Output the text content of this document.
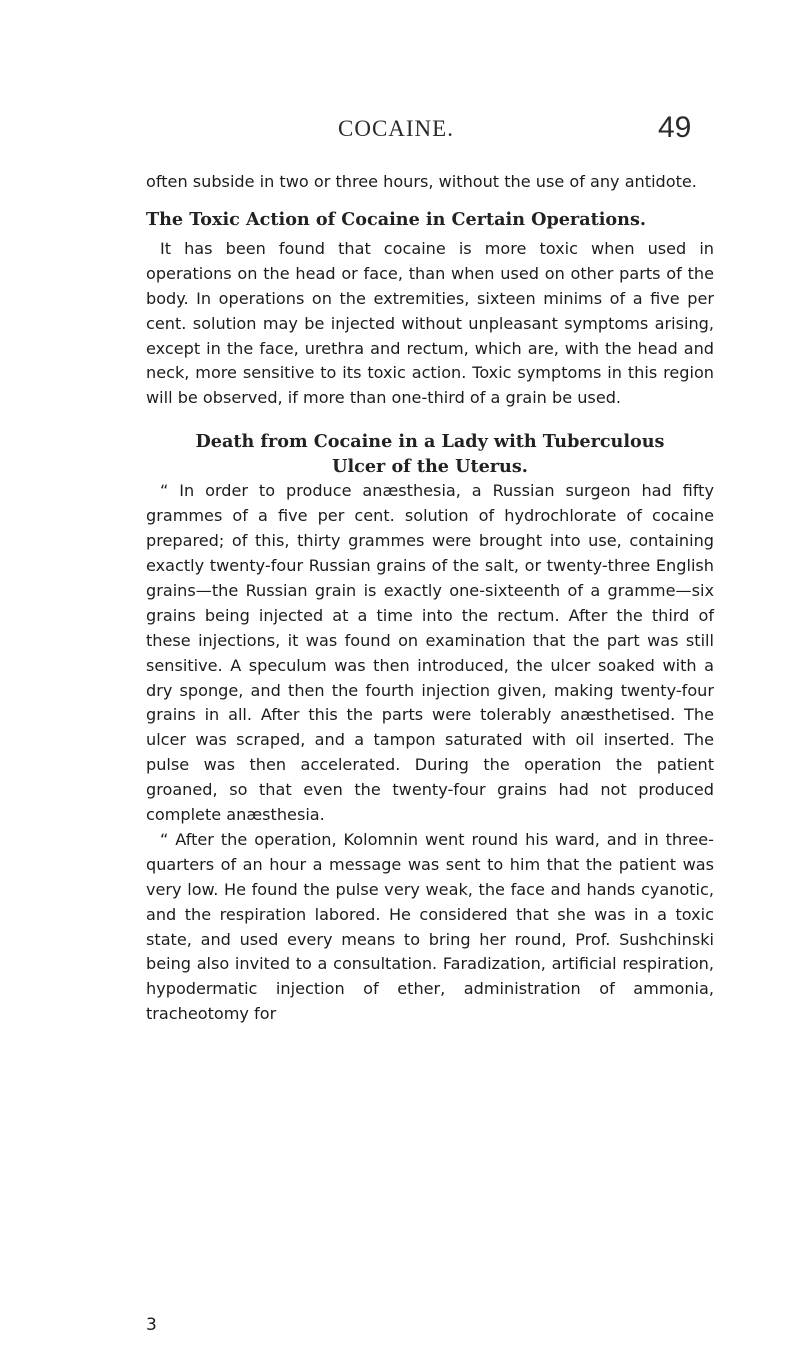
COCAINE.	49

often subside in two or three hours, without the use of any antidote.

The Toxic Action of Cocaine in Certain Operations.

It has been found that cocaine is more toxic when used in operations on the head or face, than when used on other parts of the body. In operations on the extremities, sixteen minims of a five per cent. solution may be injected without unpleasant symptoms arising, except in the face, urethra and rectum, which are, with the head and neck, more sensitive to its toxic action. Toxic symptoms in this region will be observed, if more than one-third of a grain be used.

Death from Cocaine in a Lady with Tuberculous
Ulcer of the Uterus.

“ In order to produce anæsthesia, a Russian surgeon had fifty grammes of a five per cent. solution of hydrochlorate of cocaine prepared; of this, thirty grammes were brought into use, containing exactly twenty-four Russian grains of the salt, or twenty-three English grains—the Russian grain is exactly one-sixteenth of a gramme—six grains being injected at a time into the rectum. After the third of these injections, it was found on examination that the part was still sensitive. A speculum was then introduced, the ulcer soaked with a dry sponge, and then the fourth injection given, making twenty-four grains in all. After this the parts were tolerably anæsthetised. The ulcer was scraped, and a tampon saturated with oil inserted. The pulse was then accelerated. During the operation the patient groaned, so that even the twenty-four grains had not produced complete anæsthesia.

“ After the operation, Kolomnin went round his ward, and in three-quarters of an hour a message was sent to him that the patient was very low. He found the pulse very weak, the face and hands cyanotic, and the respiration labored. He considered that she was in a toxic state, and used every means to bring her round, Prof. Sushchinski being also invited to a consultation. Faradization, artificial respiration, hypodermatic injection of ether, administration of ammonia, tracheotomy for

3
